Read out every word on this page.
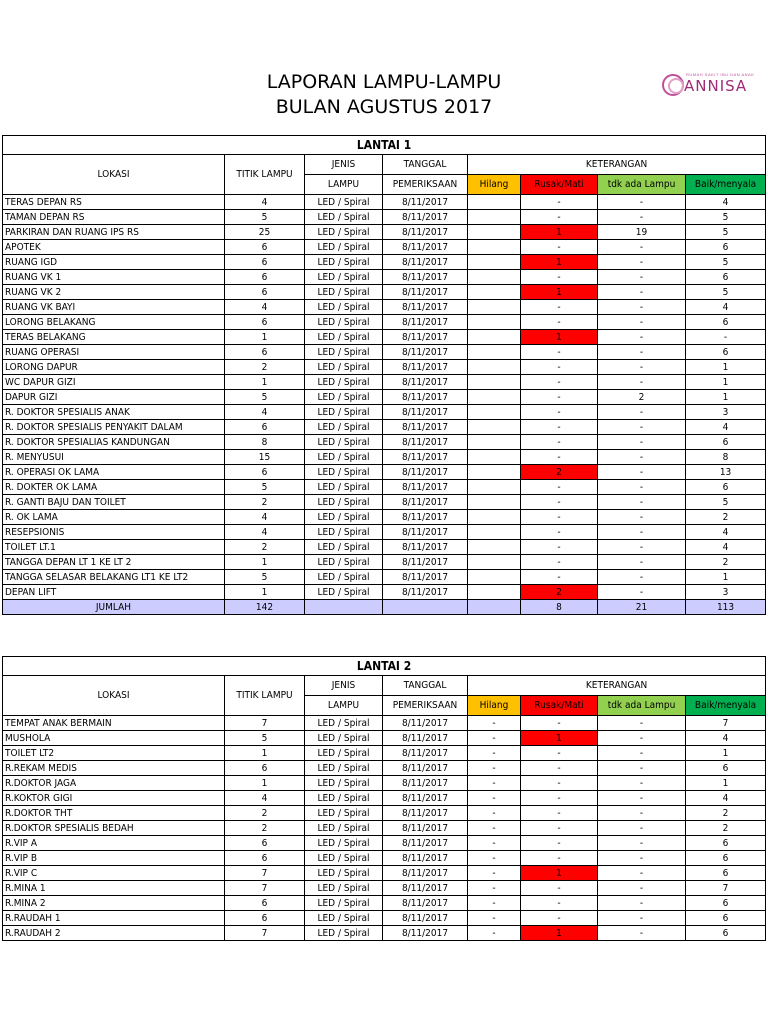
LAPORAN LAMPU-LAMPU
BULAN AGUSTUS 2017
RUMAH SAKIT IBU DAN ANAK
ANNISA
LANTAI 1							
LOKASI	TITIK LAMPU	JENIS	TANGGAL	KETERANGAN			
		LAMPU	PEMERIKSAAN	Hilang	Rusak/Mati	tdk ada Lampu	Baik/menyala
TERAS DEPAN RS	4	LED / Spiral	8/11/2017		-	-	4
TAMAN DEPAN RS	5	LED / Spiral	8/11/2017		-	-	5
PARKIRAN DAN RUANG IPS RS	25	LED / Spiral	8/11/2017		1	19	5
APOTEK	6	LED / Spiral	8/11/2017		-	-	6
RUANG IGD	6	LED / Spiral	8/11/2017		1	-	5
RUANG VK 1	6	LED / Spiral	8/11/2017		-	-	6
RUANG VK 2	6	LED / Spiral	8/11/2017		1	-	5
RUANG VK BAYI	4	LED / Spiral	8/11/2017		-	-	4
LORONG BELAKANG	6	LED / Spiral	8/11/2017		-	-	6
TERAS BELAKANG	1	LED / Spiral	8/11/2017		1	-	-
RUANG OPERASI	6	LED / Spiral	8/11/2017		-	-	6
LORONG DAPUR	2	LED / Spiral	8/11/2017		-	-	1
WC DAPUR GIZI	1	LED / Spiral	8/11/2017		-	-	1
DAPUR GIZI	5	LED / Spiral	8/11/2017		-	2	1
R. DOKTOR SPESIALIS ANAK	4	LED / Spiral	8/11/2017		-	-	3
R. DOKTOR SPESIALIS PENYAKIT DALAM	6	LED / Spiral	8/11/2017		-	-	4
R. DOKTOR SPESIALIAS KANDUNGAN	8	LED / Spiral	8/11/2017		-	-	6
R. MENYUSUI	15	LED / Spiral	8/11/2017		-	-	8
R. OPERASI OK LAMA	6	LED / Spiral	8/11/2017		2	-	13
R. DOKTER OK LAMA	5	LED / Spiral	8/11/2017		-	-	6
R. GANTI BAJU DAN TOILET	2	LED / Spiral	8/11/2017		-	-	5
R. OK LAMA	4	LED / Spiral	8/11/2017		-	-	2
RESEPSIONIS	4	LED / Spiral	8/11/2017		-	-	4
TOILET LT.1	2	LED / Spiral	8/11/2017		-	-	4
TANGGA DEPAN LT 1 KE LT 2	1	LED / Spiral	8/11/2017		-	-	2
TANGGA SELASAR BELAKANG LT1 KE LT2	5	LED / Spiral	8/11/2017		-	-	1
DEPAN LIFT	1	LED / Spiral	8/11/2017		2	-	3
JUMLAH	142				8	21	113
LANTAI 2							
LOKASI	TITIK LAMPU	JENIS	TANGGAL	KETERANGAN			
		LAMPU	PEMERIKSAAN	Hilang	Rusak/Mati	tdk ada Lampu	Baik/menyala
TEMPAT ANAK BERMAIN	7	LED / Spiral	8/11/2017	-	-	-	7
MUSHOLA	5	LED / Spiral	8/11/2017	-	1	-	4
TOILET LT2	1	LED / Spiral	8/11/2017	-	-	-	1
R.REKAM MEDIS	6	LED / Spiral	8/11/2017	-	-	-	6
R.DOKTOR JAGA	1	LED / Spiral	8/11/2017	-	-	-	1
R.KOKTOR GIGI	4	LED / Spiral	8/11/2017	-	-	-	4
R.DOKTOR THT	2	LED / Spiral	8/11/2017	-	-	-	2
R.DOKTOR SPESIALIS BEDAH	2	LED / Spiral	8/11/2017	-	-	-	2
R.VIP A	6	LED / Spiral	8/11/2017	-	-	-	6
R.VIP B	6	LED / Spiral	8/11/2017	-	-	-	6
R.VIP C	7	LED / Spiral	8/11/2017	-	1	-	6
R.MINA 1	7	LED / Spiral	8/11/2017	-	-	-	7
R.MINA 2	6	LED / Spiral	8/11/2017	-	-	-	6
R.RAUDAH 1	6	LED / Spiral	8/11/2017	-	-	-	6
R.RAUDAH 2	7	LED / Spiral	8/11/2017	-	1	-	6
